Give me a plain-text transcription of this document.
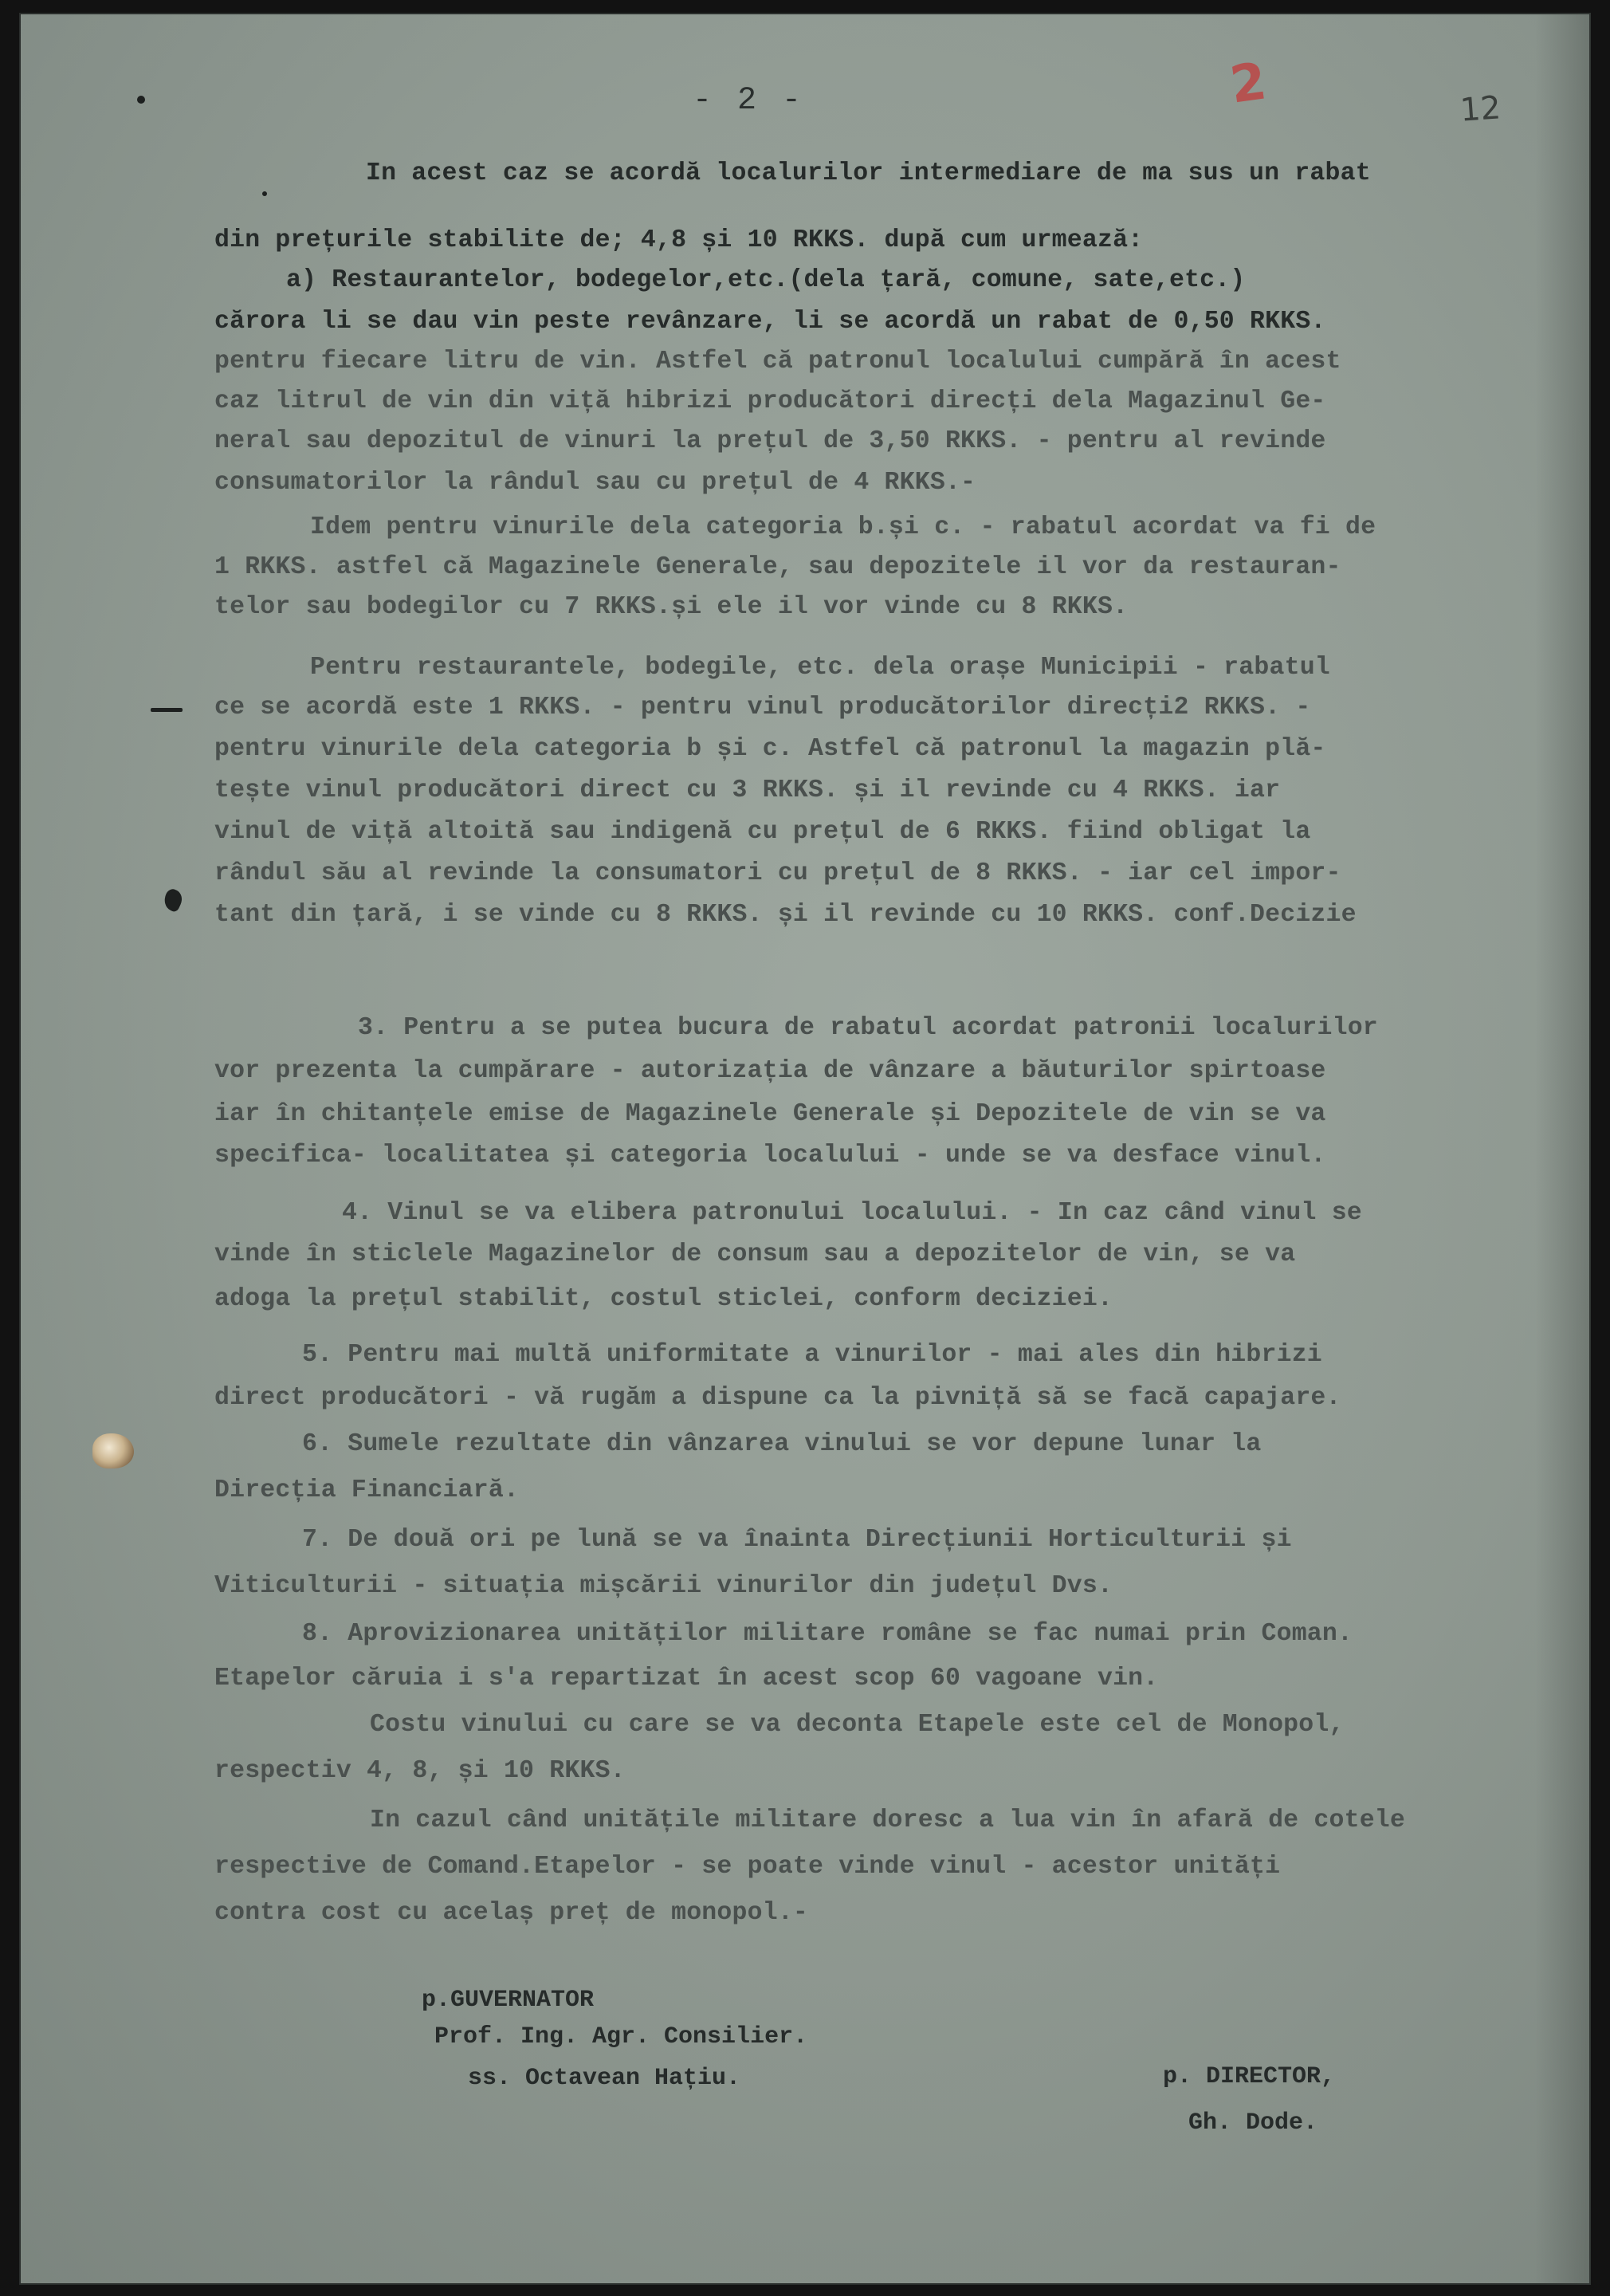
- 2 -	2	12
In acest caz se acordă localurilor intermediare de ma sus un rabat
din prețurile stabilite de; 4,8 și 10 RKKS. după cum urmează:
a) Restaurantelor, bodegelor,etc.(dela țară, comune, sate,etc.)
cărora li se dau vin peste revânzare, li se acordă un rabat de 0,50 RKKS.
pentru fiecare litru de vin. Astfel că patronul localului cumpără în acest
caz litrul de vin din viță hibrizi producători direcți dela Magazinul Ge-
neral sau depozitul de vinuri la prețul de 3,50 RKKS. - pentru al revinde
consumatorilor la rândul sau cu prețul de 4 RKKS.-
Idem pentru vinurile dela categoria b.și c. - rabatul acordat va fi de
1 RKKS. astfel că Magazinele Generale, sau depozitele il vor da restauran-
telor sau bodegilor cu 7 RKKS.și ele il vor vinde cu 8 RKKS.
Pentru restaurantele, bodegile, etc. dela orașe Municipii - rabatul
ce se acordă este 1 RKKS. - pentru vinul producătorilor direcți2 RKKS. -
pentru vinurile dela categoria b și c. Astfel că patronul la magazin plă-
tește vinul producători direct cu 3 RKKS. și il revinde cu 4 RKKS. iar
vinul de viță altoită sau indigenă cu prețul de 6 RKKS. fiind obligat la
rândul său al revinde la consumatori cu prețul de 8 RKKS. - iar cel impor-
tant din țară, i se vinde cu 8 RKKS. și il revinde cu 10 RKKS. conf.Decizie
3. Pentru a se putea bucura de rabatul acordat patronii localurilor
vor prezenta la cumpărare - autorizația de vânzare a băuturilor spirtoase
iar în chitanțele emise de Magazinele Generale și Depozitele de vin se va
specifica- localitatea și categoria localului - unde se va desface vinul.
4. Vinul se va elibera patronului localului. - In caz când vinul se
vinde în sticlele Magazinelor de consum sau a depozitelor de vin, se va
adoga la prețul stabilit, costul sticlei, conform deciziei.
5. Pentru mai multă uniformitate a vinurilor - mai ales din hibrizi
direct producători - vă rugăm a dispune ca la pivniță să se facă capajare.
6. Sumele rezultate din vânzarea vinului se vor depune lunar la
Direcția Financiară.
7. De două ori pe lună se va înainta Direcțiunii Horticulturii și
Viticulturii - situația mișcării vinurilor din județul Dvs.
8. Aprovizionarea unităților militare române se fac numai prin Coman.
Etapelor căruia i s'a repartizat în acest scop 60 vagoane vin.
Costu vinului cu care se va deconta Etapele este cel de Monopol,
respectiv 4, 8, și 10 RKKS.
In cazul când unitățile militare doresc a lua vin în afară de cotele
respective de Comand.Etapelor - se poate vinde vinul - acestor unități
contra cost cu acelaș preț de monopol.-
p.GUVERNATOR
Prof. Ing. Agr. Consilier.
ss. Octavean Hațiu.	p. DIRECTOR,
Gh. Dode.
